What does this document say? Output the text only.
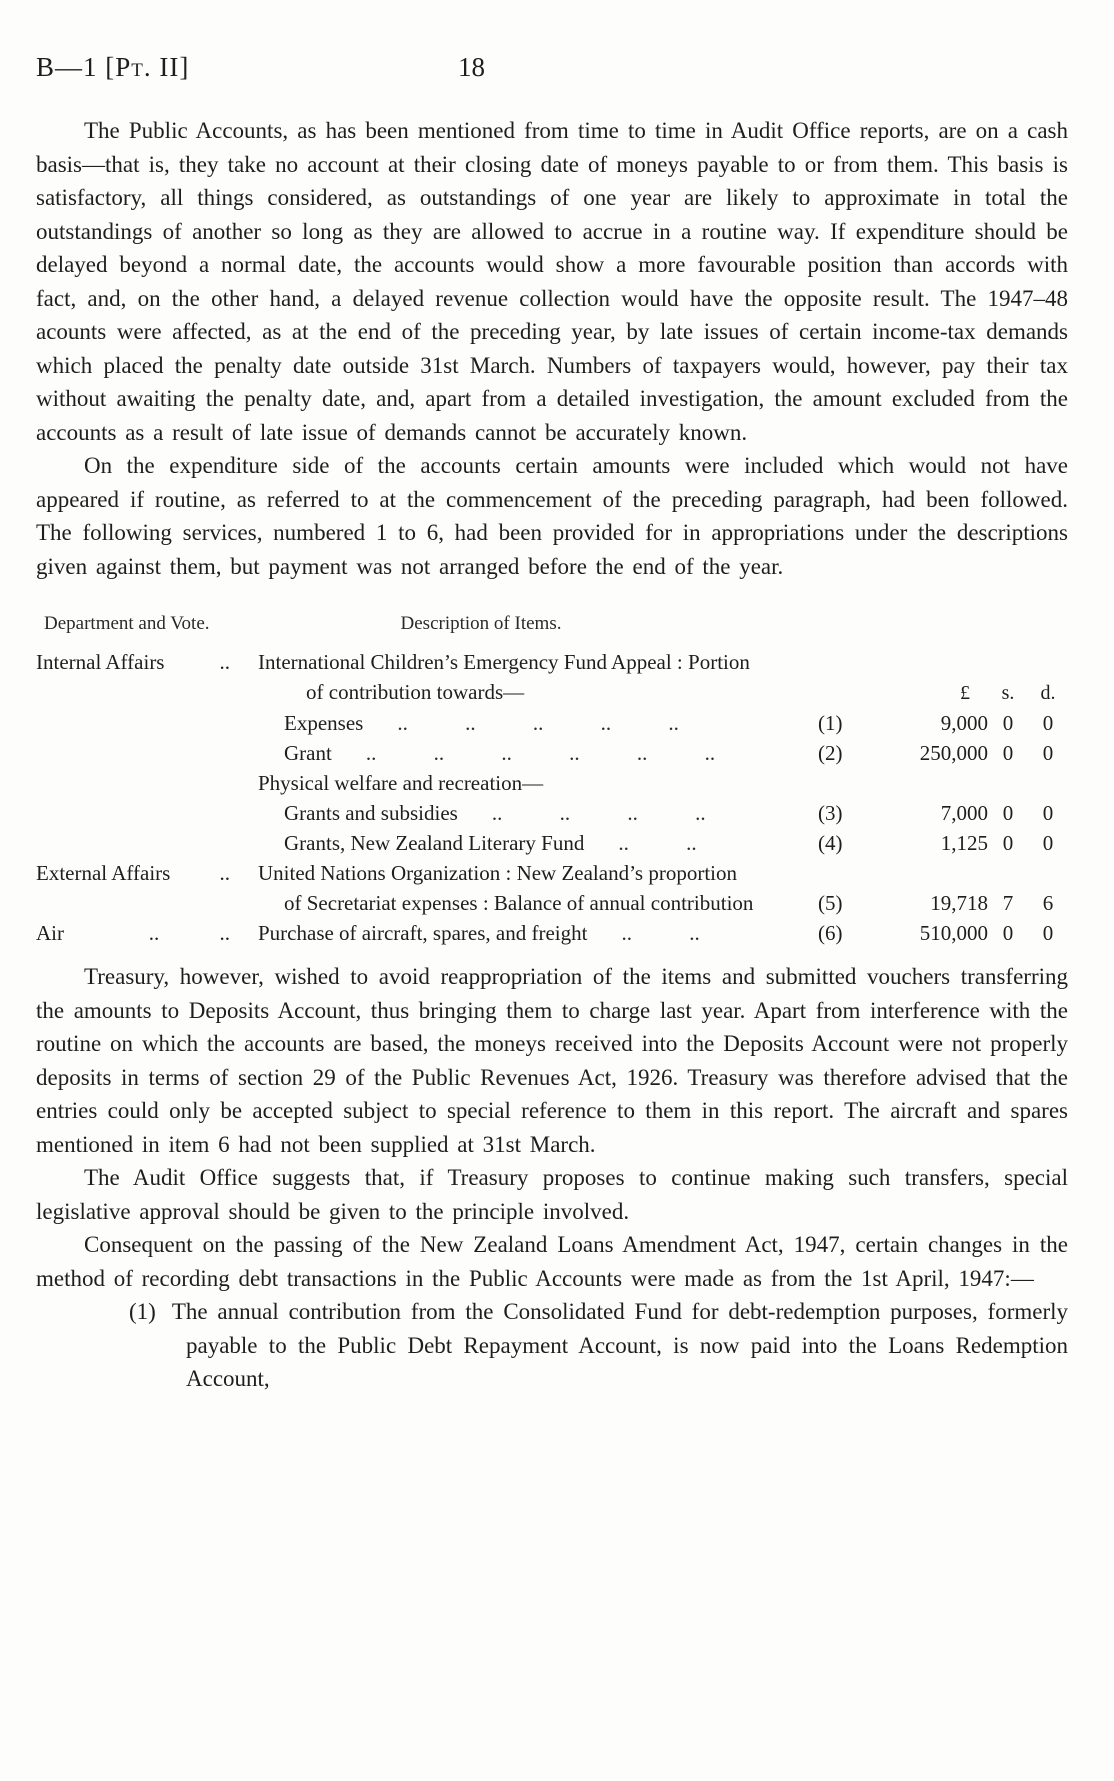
B—1 [Pt. II]	18

The Public Accounts, as has been mentioned from time to time in Audit Office reports, are on a cash basis—that is, they take no account at their closing date of moneys payable to or from them. This basis is satisfactory, all things considered, as outstandings of one year are likely to approximate in total the outstandings of another so long as they are allowed to accrue in a routine way. If expenditure should be delayed beyond a normal date, the accounts would show a more favourable position than accords with fact, and, on the other hand, a delayed revenue collection would have the opposite result. The 1947–48 acounts were affected, as at the end of the preceding year, by late issues of certain income-tax demands which placed the penalty date outside 31st March. Numbers of taxpayers would, however, pay their tax without awaiting the penalty date, and, apart from a detailed investigation, the amount excluded from the accounts as a result of late issue of demands cannot be accurately known.

On the expenditure side of the accounts certain amounts were included which would not have appeared if routine, as referred to at the commencement of the preceding paragraph, had been followed. The following services, numbered 1 to 6, had been provided for in appropriations under the descriptions given against them, but payment was not arranged before the end of the year.

Department and Vote.	Description of Items.
Internal Affairs	.. International Children’s Emergency Fund Appeal : Portion
of contribution towards—	£	s.	d.
Expenses	.. .. .. .. ..	(1)	9,000 0	0
Grant	.. .. .. .. .. ..	(2)	250,000 0	0
Physical welfare and recreation—
Grants and subsidies	.. .. .. ..	(3)	7,000 0	0
Grants, New Zealand Literary Fund	.. ..	(4)	1,125 0	0
External Affairs .. United Nations Organization : New Zealand’s proportion
of Secretariat expenses : Balance of annual contribution	(5)	19,718 7	6
Air	.. .. Purchase of aircraft, spares, and freight	.. ..	(6)	510,000 0	0

Treasury, however, wished to avoid reappropriation of the items and submitted vouchers transferring the amounts to Deposits Account, thus bringing them to charge last year. Apart from interference with the routine on which the accounts are based, the moneys received into the Deposits Account were not properly deposits in terms of section 29 of the Public Revenues Act, 1926. Treasury was therefore advised that the entries could only be accepted subject to special reference to them in this report. The aircraft and spares mentioned in item 6 had not been supplied at 31st March.

The Audit Office suggests that, if Treasury proposes to continue making such transfers, special legislative approval should be given to the principle involved.

Consequent on the passing of the New Zealand Loans Amendment Act, 1947, certain changes in the method of recording debt transactions in the Public Accounts were made as from the 1st April, 1947:—

(1) The annual contribution from the Consolidated Fund for debt-redemption purposes, formerly payable to the Public Debt Repayment Account, is now paid into the Loans Redemption Account,
